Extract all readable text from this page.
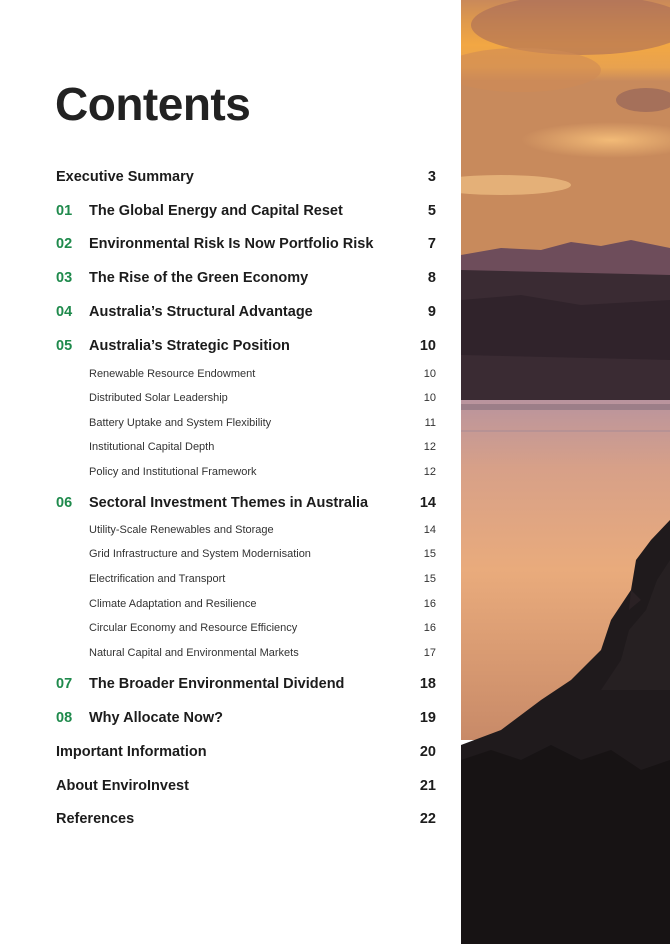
Contents
Executive Summary	3
01	The Global Energy and Capital Reset	5
02	Environmental Risk Is Now Portfolio Risk	7
03	The Rise of the Green Economy	8
04	Australia’s Structural Advantage	9
05	Australia’s Strategic Position	10
Renewable Resource Endowment	10
Distributed Solar Leadership	10
Battery Uptake and System Flexibility	11
Institutional Capital Depth	12
Policy and Institutional Framework	12
06	Sectoral Investment Themes in Australia	14
Utility-Scale Renewables and Storage	14
Grid Infrastructure and System Modernisation	15
Electrification and Transport	15
Climate Adaptation and Resilience	16
Circular Economy and Resource Efficiency	16
Natural Capital and Environmental Markets	17
07	The Broader Environmental Dividend	18
08	Why Allocate Now?	19
Important Information	20
About EnviroInvest	21
References	22
